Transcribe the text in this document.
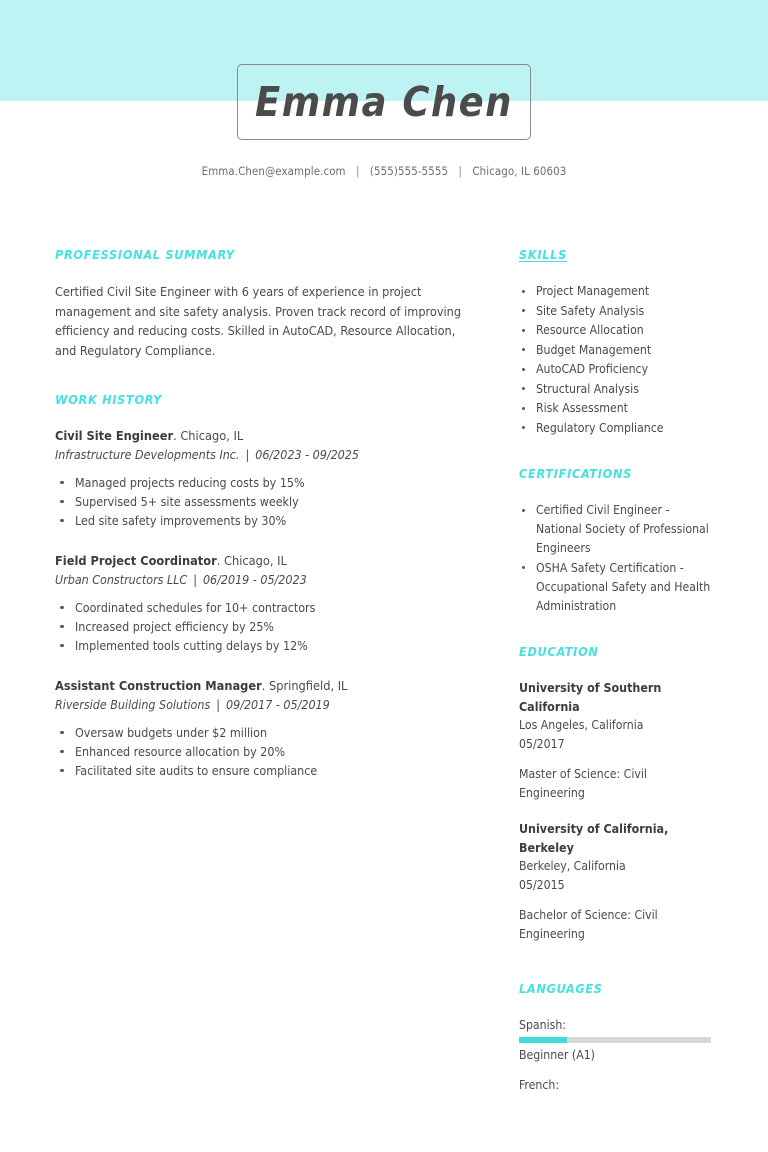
Emma Chen
Emma.Chen@example.com | (555)555-5555 | Chicago, IL 60603
PROFESSIONAL SUMMARY
Certified Civil Site Engineer with 6 years of experience in project management and site safety analysis. Proven track record of improving efficiency and reducing costs. Skilled in AutoCAD, Resource Allocation, and Regulatory Compliance.
WORK HISTORY
Civil Site Engineer. Chicago, IL
Infrastructure Developments Inc. | 06/2023 - 09/2025
Managed projects reducing costs by 15%
Supervised 5+ site assessments weekly
Led site safety improvements by 30%
Field Project Coordinator. Chicago, IL
Urban Constructors LLC | 06/2019 - 05/2023
Coordinated schedules for 10+ contractors
Increased project efficiency by 25%
Implemented tools cutting delays by 12%
Assistant Construction Manager. Springfield, IL
Riverside Building Solutions | 09/2017 - 05/2019
Oversaw budgets under $2 million
Enhanced resource allocation by 20%
Facilitated site audits to ensure compliance
SKILLS
Project Management
Site Safety Analysis
Resource Allocation
Budget Management
AutoCAD Proficiency
Structural Analysis
Risk Assessment
Regulatory Compliance
CERTIFICATIONS
Certified Civil Engineer - National Society of Professional Engineers
OSHA Safety Certification - Occupational Safety and Health Administration
EDUCATION
University of Southern California
Los Angeles, California
05/2017
Master of Science: Civil Engineering
University of California, Berkeley
Berkeley, California
05/2015
Bachelor of Science: Civil Engineering
LANGUAGES
Spanish:
Beginner (A1)
French:
